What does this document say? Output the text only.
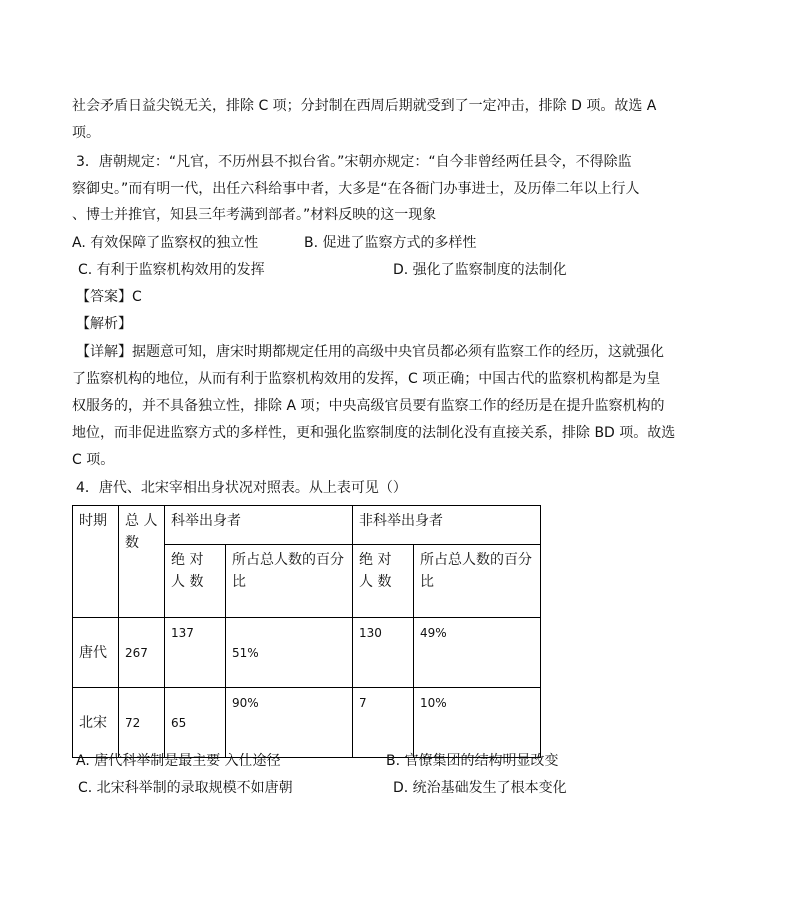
社会矛盾日益尖锐无关，排除 C 项；分封制在西周后期就受到了一定冲击，排除 D 项。故选 A
项。
3．唐朝规定：“凡官，不历州县不拟台省。”宋朝亦规定：“自今非曾经两任县令，不得除监
察御史。”而有明一代，出任六科给事中者，大多是“在各衙门办事进士，及历俸二年以上行人
、博士并推官，知县三年考满到部者。”材料反映的这一现象
A. 有效保障了监察权的独立性	B. 促进了监察方式的多样性
C. 有利于监察机构效用的发挥	D. 强化了监察制度的法制化
【答案】C
【解析】
【详解】据题意可知，唐宋时期都规定任用的高级中央官员都必须有监察工作的经历，这就强化
了监察机构的地位，从而有利于监察机构效用的发挥，C 项正确；中国古代的监察机构都是为皇
权服务的，并不具备独立性，排除 A 项；中央高级官员要有监察工作的经历是在提升监察机构的
地位，而非促进监察方式的多样性，更和强化监察制度的法制化没有直接关系，排除 BD 项。故选
C 项。
4．唐代、北宋宰相出身状况对照表。从上表可见（）
时期	总 人 数	科举出身者		非科举出身者	
		绝 对 人 数	所占总人数的百分比	绝 对 人 数	所占总人数的百分比
唐代	267	137	51%	130	49%
北宋	72	65	90%	7	10%
A. 唐代科举制是最主要 入仕途径	B. 官僚集团的结构明显改变
C. 北宋科举制的录取规模不如唐朝	D. 统治基础发生了根本变化
